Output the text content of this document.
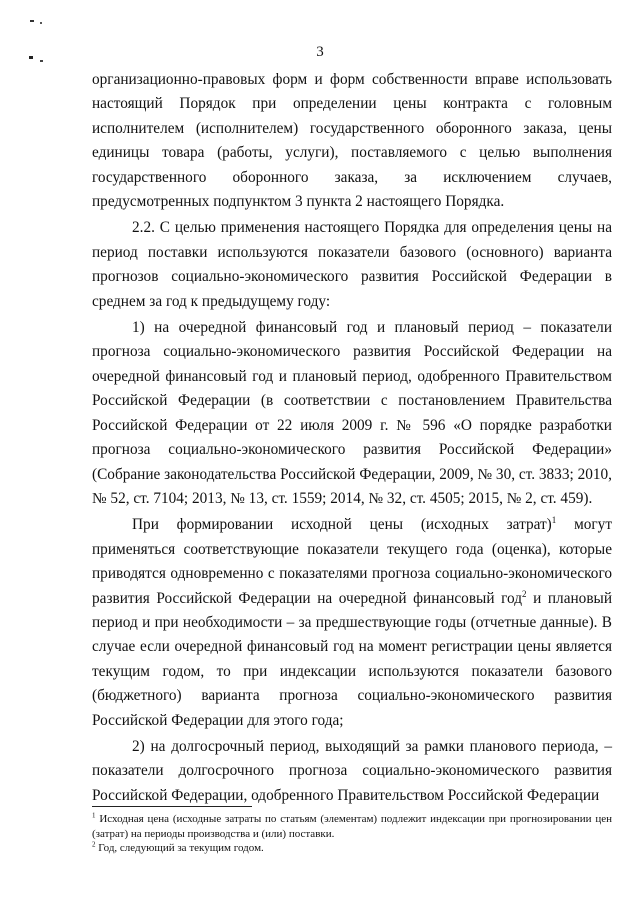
3

организационно-правовых форм и форм собственности вправе использовать настоящий Порядок при определении цены контракта с головным исполнителем (исполнителем) государственного оборонного заказа, цены единицы товара (работы, услуги), поставляемого с целью выполнения государственного оборонного заказа, за исключением случаев, предусмотренных подпунктом 3 пункта 2 настоящего Порядка.

2.2. С целью применения настоящего Порядка для определения цены на период поставки используются показатели базового (основного) варианта прогнозов социально-экономического развития Российской Федерации в среднем за год к предыдущему году:

1) на очередной финансовый год и плановый период – показатели прогноза социально-экономического развития Российской Федерации на очередной финансовый год и плановый период, одобренного Правительством Российской Федерации (в соответствии с постановлением Правительства Российской Федерации от 22 июля 2009 г. № 596 «О порядке разработки прогноза социально-экономического развития Российской Федерации» (Собрание законодательства Российской Федерации, 2009, № 30, ст. 3833; 2010, № 52, ст. 7104; 2013, № 13, ст. 1559; 2014, № 32, ст. 4505; 2015, № 2, ст. 459).

При формировании исходной цены (исходных затрат)$^1$ могут применяться соответствующие показатели текущего года (оценка), которые приводятся одновременно с показателями прогноза социально-экономического развития Российской Федерации на очередной финансовый год$^2$ и плановый период и при необходимости – за предшествующие годы (отчетные данные). В случае если очередной финансовый год на момент регистрации цены является текущим годом, то при индексации используются показатели базового (бюджетного) варианта прогноза социально-экономического развития Российской Федерации для этого года;

2) на долгосрочный период, выходящий за рамки планового периода, – показатели долгосрочного прогноза социально-экономического развития Российской Федерации, одобренного Правительством Российской Федерации

$^1$ Исходная цена (исходные затраты по статьям (элементам) подлежит индексации при прогнозировании цен (затрат) на периоды производства и (или) поставки.

$^2$ Год, следующий за текущим годом.
